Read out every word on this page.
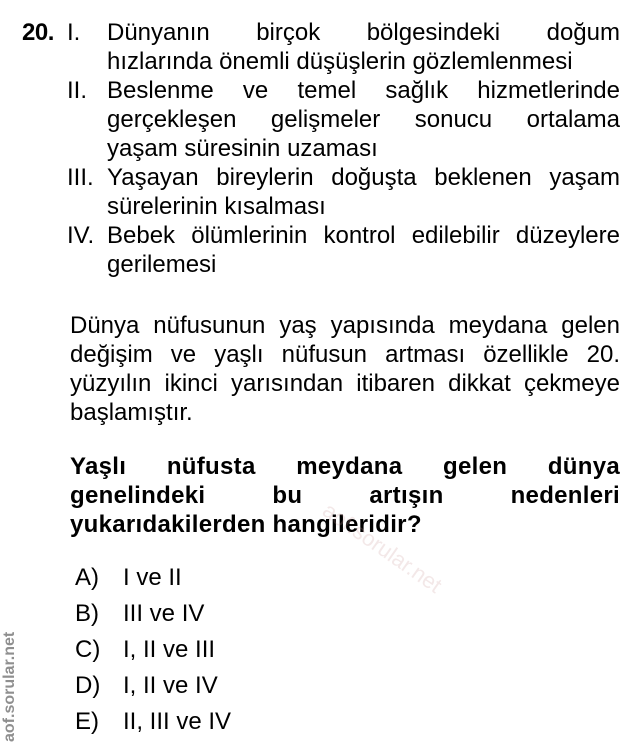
20. I.	Dünyanın birçok bölgesindeki doğum
hızlarında önemli düşüşlerin gözlemlenmesi
II. Beslenme ve temel sağlık hizmetlerinde
gerçekleşen gelişmeler sonucu ortalama
yaşam süresinin uzaması
III. Yaşayan bireylerin doğuşta beklenen yaşam
sürelerinin kısalması
IV. Bebek ölümlerinin kontrol edilebilir düzeylere
gerilemesi
Dünya nüfusunun yaş yapısında meydana gelen
değişim ve yaşlı nüfusun artması özellikle 20.
yüzyılın ikinci yarısından itibaren dikkat çekmeye
başlamıştır.
Yaşlı nüfusta meydana gelen dünya
genelindeki bu artışın nedenleri
yukarıdakilerden hangileridir?
A)	I ve II
B)	III ve IV
C) I, II ve III
D) I, II ve IV
E)	II, III ve IV
aof.sorular.net
aof.sorular.net
